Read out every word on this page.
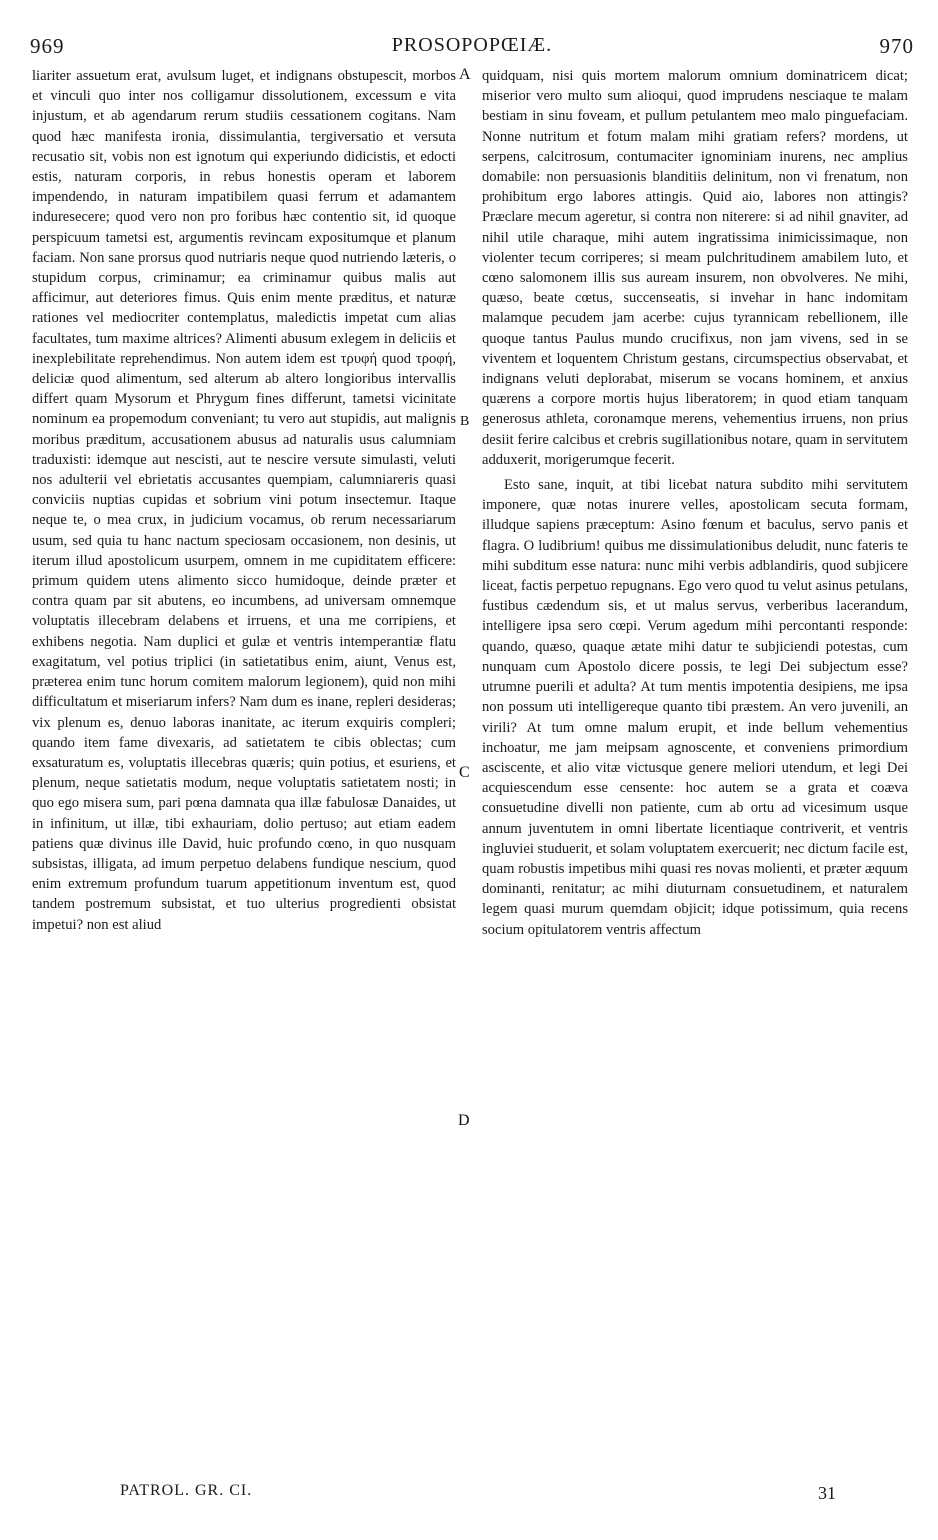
969	PROSOPOPŒIÆ.	970

liariter assuetum erat, avulsum luget, et indignans obstupescit, morbos et vinculi quo inter nos colligamur dissolutionem, excessum e vita injustum, et ab agendarum rerum studiis cessationem cogitans. Nam quod hæc manifesta ironia, dissimulantia, tergiversatio et versuta recusatio sit, vobis non est ignotum qui experiundo didicistis, et edocti estis, naturam corporis, in rebus honestis operam et laborem impendendo, in naturam impatibilem quasi ferrum et adamantem induresecere; quod vero non pro foribus hæc contentio sit, id quoque perspicuum tametsi est, argumentis revincam expositumque et planum faciam. Non sane prorsus quod nutriaris neque quod nutriendo læteris, o stupidum corpus, criminamur; ea criminamur quibus malis aut afficimur, aut deteriores fimus. Quis enim mente præditus, et naturæ rationes vel mediocriter contemplatus, maledictis impetat cum alias facultates, tum maxime altrices? Alimenti abusum exlegem in deliciis et inexplebilitate reprehendimus. Non autem idem est τρυφή quod τροφή, deliciæ quod alimentum, sed alterum ab altero longioribus intervallis differt quam Mysorum et Phrygum fines differunt, tametsi vicinitate nominum ea propemodum conveniant; tu vero aut stupidis, aut malignis moribus præditum, accusationem abusus ad naturalis usus calumniam traduxisti: idemque aut nescisti, aut te nescire versute simulasti, veluti nos adulterii vel ebrietatis accusantes quempiam, calumniareris quasi conviciis nuptias cupidas et sobrium vini potum insectemur. Itaque neque te, o mea crux, in judicium vocamus, ob rerum necessariarum usum, sed quia tu hanc nactum speciosam occasionem, non desinis, ut iterum illud apostolicum usurpem, omnem in me cupiditatem efficere: primum quidem utens alimento sicco humidoque, deinde præter et contra quam par sit abutens, eo incumbens, ad universam omnemque voluptatis illecebram delabens et irruens, et una me corripiens, et exhibens negotia. Nam duplici et gulæ et ventris intemperantiæ flatu exagitatum, vel potius triplici (in satietatibus enim, aiunt, Venus est, præterea enim tunc horum comitem malorum legionem), quid non mihi difficultatum et miseriarum infers? Nam dum es inane, repleri desideras; vix plenum es, denuo laboras inanitate, ac iterum exquiris compleri; quando item fame divexaris, ad satietatem te cibis oblectas; cum exsaturatum es, voluptatis illecebras quæris; quin potius, et esuriens, et plenum, neque satietatis modum, neque voluptatis satietatem nosti; in quo ego misera sum, pari pœna damnata qua illæ fabulosæ Danaides, ut in infinitum, ut illæ, tibi exhauriam, dolio pertuso; aut etiam eadem patiens quæ divinus ille David, huic profundo cœno, in quo nusquam subsistas, illigata, ad imum perpetuo delabens fundique nescium, quod enim extremum profundum tuarum appetitionum inventum est, quod tandem postremum subsistat, et tuo ulterius progredienti obsistat impetui? non est aliud

A
B
C
D

quidquam, nisi quis mortem malorum omnium dominatricem dicat; miserior vero multo sum alioqui, quod imprudens nesciaque te malam bestiam in sinu foveam, et pullum petulantem meo malo pinguefaciam. Nonne nutritum et fotum malam mihi gratiam refers? mordens, ut serpens, calcitrosum, contumaciter ignominiam inurens, nec amplius domabile: non persuasionis blanditiis delinitum, non vi frenatum, non prohibitum ergo labores attingis. Quid aio, labores non attingis? Præclare mecum ageretur, si contra non niterere: si ad nihil gnaviter, ad nihil utile charaque, mihi autem ingratissima inimicissimaque, non violenter tecum corriperes; si meam pulchritudinem amabilem luto, et cœno salomonem illis sus auream insurem, non obvolveres. Ne mihi, quæso, beate cœtus, succenseatis, si invehar in hanc indomitam malamque pecudem jam acerbe: cujus tyrannicam rebellionem, ille quoque tantus Paulus mundo crucifixus, non jam vivens, sed in se viventem et loquentem Christum gestans, circumspectius observabat, et indignans veluti deplorabat, miserum se vocans hominem, et anxius quærens a corpore mortis hujus liberatorem; in quod etiam tanquam generosus athleta, coronamque merens, vehementius irruens, non prius desiit ferire calcibus et crebris sugillationibus notare, quam in servitutem adduxerit, morigerumque fecerit.

Esto sane, inquit, at tibi licebat natura subdito mihi servitutem imponere, quæ notas inurere velles, apostolicam secuta formam, illudque sapiens præceptum: Asino fœnum et baculus, servo panis et flagra. O ludibrium! quibus me dissimulationibus deludit, nunc fateris te mihi subditum esse natura: nunc mihi verbis adblandiris, quod subjicere liceat, factis perpetuo repugnans. Ego vero quod tu velut asinus petulans, fustibus cædendum sis, et ut malus servus, verberibus lacerandum, intelligere ipsa sero cœpi. Verum agedum mihi percontanti responde: quando, quæso, quaque ætate mihi datur te subjiciendi potestas, cum nunquam cum Apostolo dicere possis, te legi Dei subjectum esse? utrumne puerili et adulta? At tum mentis impotentia desipiens, me ipsa non possum uti intelligereque quanto tibi præstem. An vero juvenili, an virili? At tum omne malum erupit, et inde bellum vehementius inchoatur, me jam meipsam agnoscente, et conveniens primordium asciscente, et alio vitæ victusque genere meliori utendum, et legi Dei acquiescendum esse censente: hoc autem se a grata et coæva consuetudine divelli non patiente, cum ab ortu ad vicesimum usque annum juventutem in omni libertate licentiaque contriverit, et ventris ingluviei studuerit, et solam voluptatem exercuerit; nec dictum facile est, quam robustis impetibus mihi quasi res novas molienti, et præter æquum dominanti, renitatur; ac mihi diuturnam consuetudinem, et naturalem legem quasi murum quemdam objicit; idque potissimum, quia recens socium opitulatorem ventris affectum

PATROL. GR. CI.	31
